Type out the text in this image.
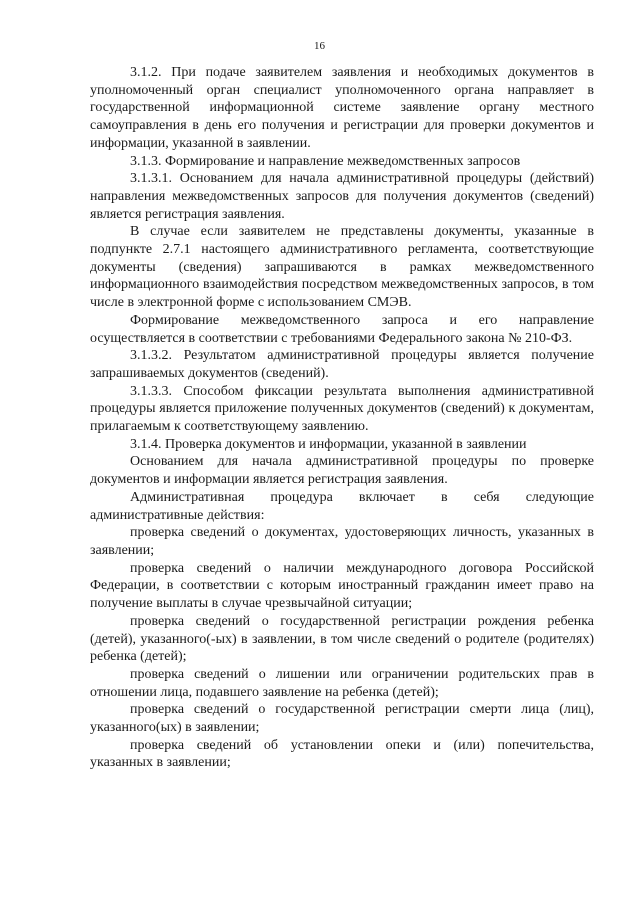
16

3.1.2. При подаче заявителем заявления и необходимых документов в уполномоченный орган специалист уполномоченного органа направляет в государственной информационной системе заявление органу местного самоуправления в день его получения и регистрации для проверки документов и информации, указанной в заявлении.

3.1.3. Формирование и направление межведомственных запросов

3.1.3.1. Основанием для начала административной процедуры (действий) направления межведомственных запросов для получения документов (сведений) является регистрация заявления.

В случае если заявителем не представлены документы, указанные в подпункте 2.7.1 настоящего административного регламента, соответствующие документы (сведения) запрашиваются в рамках межведомственного информационного взаимодействия посредством межведомственных запросов, в том числе в электронной форме с использованием СМЭВ.

Формирование межведомственного запроса и его направление осуществляется в соответствии с требованиями Федерального закона № 210-ФЗ.

3.1.3.2. Результатом административной процедуры является получение запрашиваемых документов (сведений).

3.1.3.3. Способом фиксации результата выполнения административной процедуры является приложение полученных документов (сведений) к документам, прилагаемым к соответствующему заявлению.

3.1.4. Проверка документов и информации, указанной в заявлении

Основанием для начала административной процедуры по проверке документов и информации является регистрация заявления.

Административная процедура включает в себя следующие административные действия:

проверка сведений о документах, удостоверяющих личность, указанных в заявлении;

проверка сведений о наличии международного договора Российской Федерации, в соответствии с которым иностранный гражданин имеет право на получение выплаты в случае чрезвычайной ситуации;

проверка сведений о государственной регистрации рождения ребенка (детей), указанного(-ых) в заявлении, в том числе сведений о родителе (родителях) ребенка (детей);

проверка сведений о лишении или ограничении родительских прав в отношении лица, подавшего заявление на ребенка (детей);

проверка сведений о государственной регистрации смерти лица (лиц), указанного(ых) в заявлении;

проверка сведений об установлении опеки и (или) попечительства, указанных в заявлении;
